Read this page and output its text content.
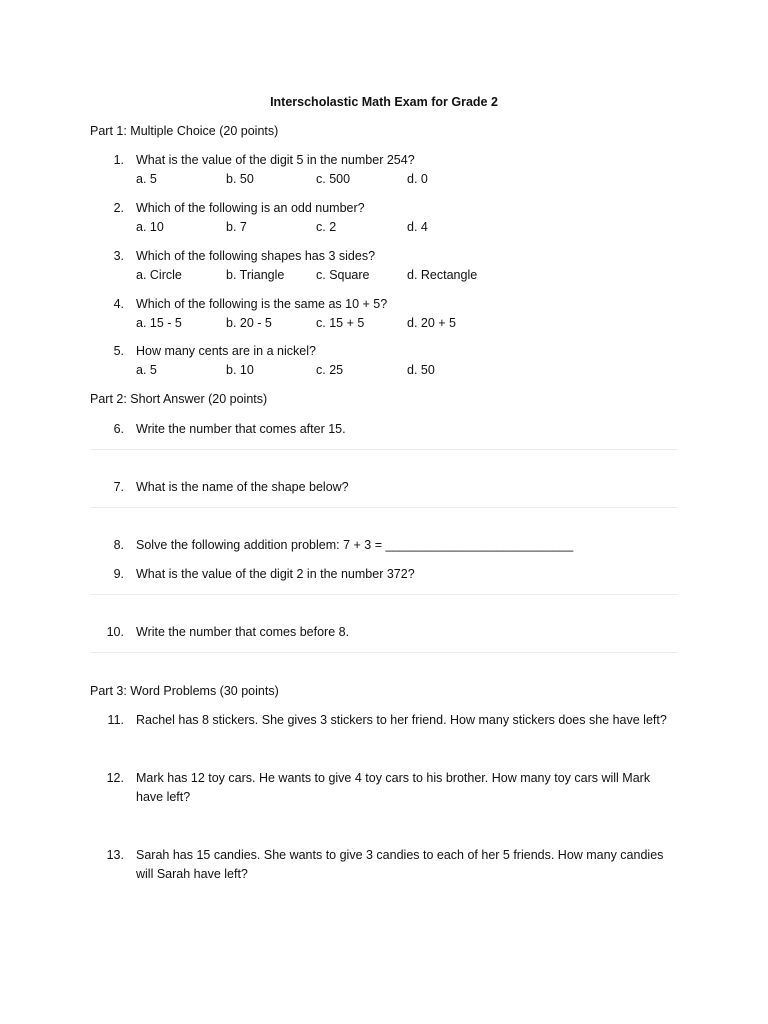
Interscholastic Math Exam for Grade 2
Part 1: Multiple Choice (20 points)
1. What is the value of the digit 5 in the number 254?
a. 5	b. 50	c. 500	d. 0
2. Which of the following is an odd number?
a. 10	b. 7	c. 2	d. 4
3. Which of the following shapes has 3 sides?
a. Circle	b. Triangle	c. Square	d. Rectangle
4. Which of the following is the same as 10 + 5?
a. 15 - 5	b. 20 - 5	c. 15 + 5	d. 20 + 5
5. How many cents are in a nickel?
a. 5	b. 10	c. 25	d. 50
Part 2: Short Answer (20 points)
6. Write the number that comes after 15.
7. What is the name of the shape below?
8. Solve the following addition problem: 7 + 3 = ___________________________
9. What is the value of the digit 2 in the number 372?
10. Write the number that comes before 8.
Part 3: Word Problems (30 points)
11. Rachel has 8 stickers. She gives 3 stickers to her friend. How many stickers does she have left?
12. Mark has 12 toy cars. He wants to give 4 toy cars to his brother. How many toy cars will Mark
have left?
13. Sarah has 15 candies. She wants to give 3 candies to each of her 5 friends. How many candies
will Sarah have left?
